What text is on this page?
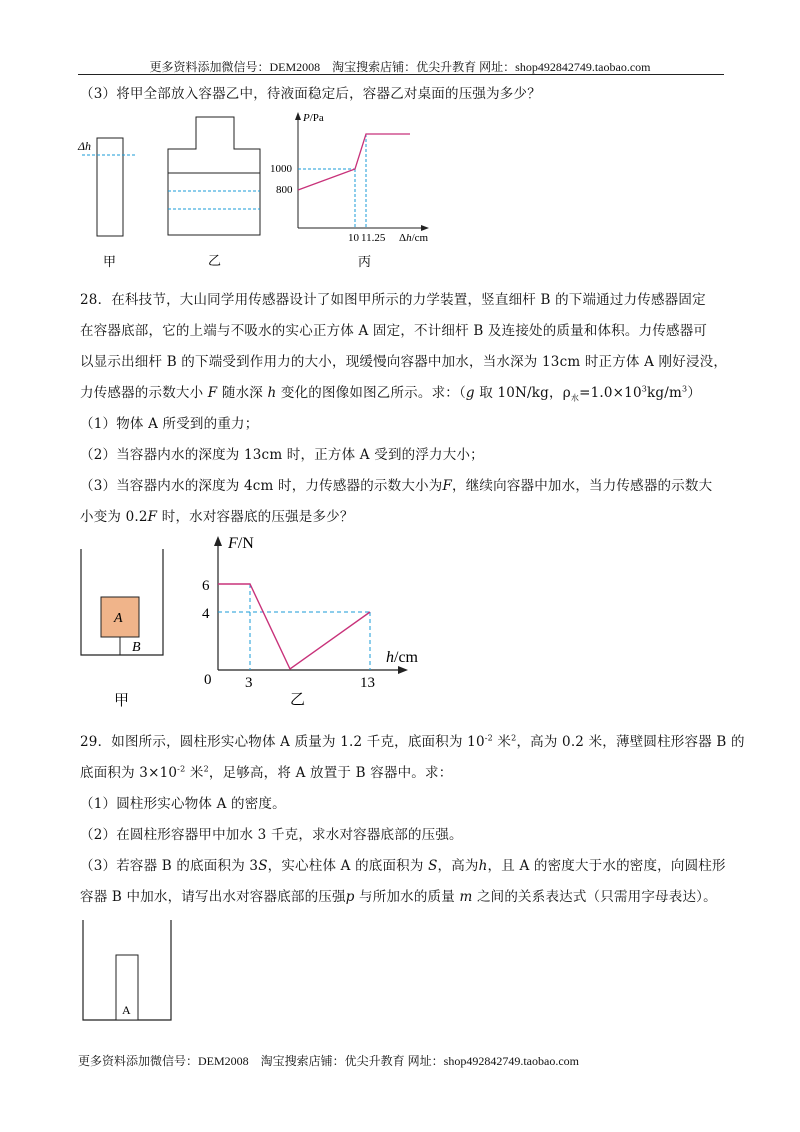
更多资料添加微信号：DEM2008　淘宝搜索店铺：优尖升教育 网址：shop492842749.taobao.com
（3）将甲全部放入容器乙中，待液面稳定后，容器乙对桌面的压强为多少？
Δh
甲	乙
P/Pa
1000
800
10 11.25 Δh/cm
丙
28．在科技节，大山同学用传感器设计了如图甲所示的力学装置，竖直细杆 B 的下端通过力传感器固定
在容器底部，它的上端与不吸水的实心正方体 A 固定，不计细杆 B 及连接处的质量和体积。力传感器可
以显示出细杆 B 的下端受到作用力的大小，现缓慢向容器中加水，当水深为 13cm 时正方体 A 刚好浸没，
力传感器的示数大小 F 随水深 h 变化的图像如图乙所示。求：（g 取 10N/kg，$\rho_水=1.0\times 10^3kg/m^3$）
（1）物体 A 所受到的重力；
（2）当容器内水的深度为 13cm 时，正方体 A 受到的浮力大小；
（3）当容器内水的深度为 4cm 时，力传感器的示数大小为F，继续向容器中加水，当力传感器的示数大
小变为 0.2F 时，水对容器底的压强是多少？
A
B
甲
F/N
6
4
h/cm
0 3	13
乙
29．如图所示，圆柱形实心物体 A 质量为 1.2 千克，底面积为 $10^{-2}$ 米$^2$，高为 0.2 米，薄壁圆柱形容器 B 的
底面积为 $3\times 10^{-2}$ 米$^2$，足够高，将 A 放置于 B 容器中。求：
（1）圆柱形实心物体 A 的密度。
（2）在圆柱形容器甲中加水 3 千克，求水对容器底部的压强。
（3）若容器 B 的底面积为 3S，实心柱体 A 的底面积为 S，高为h，且 A 的密度大于水的密度，向圆柱形
容器 B 中加水，请写出水对容器底部的压强p 与所加水的质量 m 之间的关系表达式（只需用字母表达）。
A
更多资料添加微信号：DEM2008　淘宝搜索店铺：优尖升教育 网址：shop492842749.taobao.com
